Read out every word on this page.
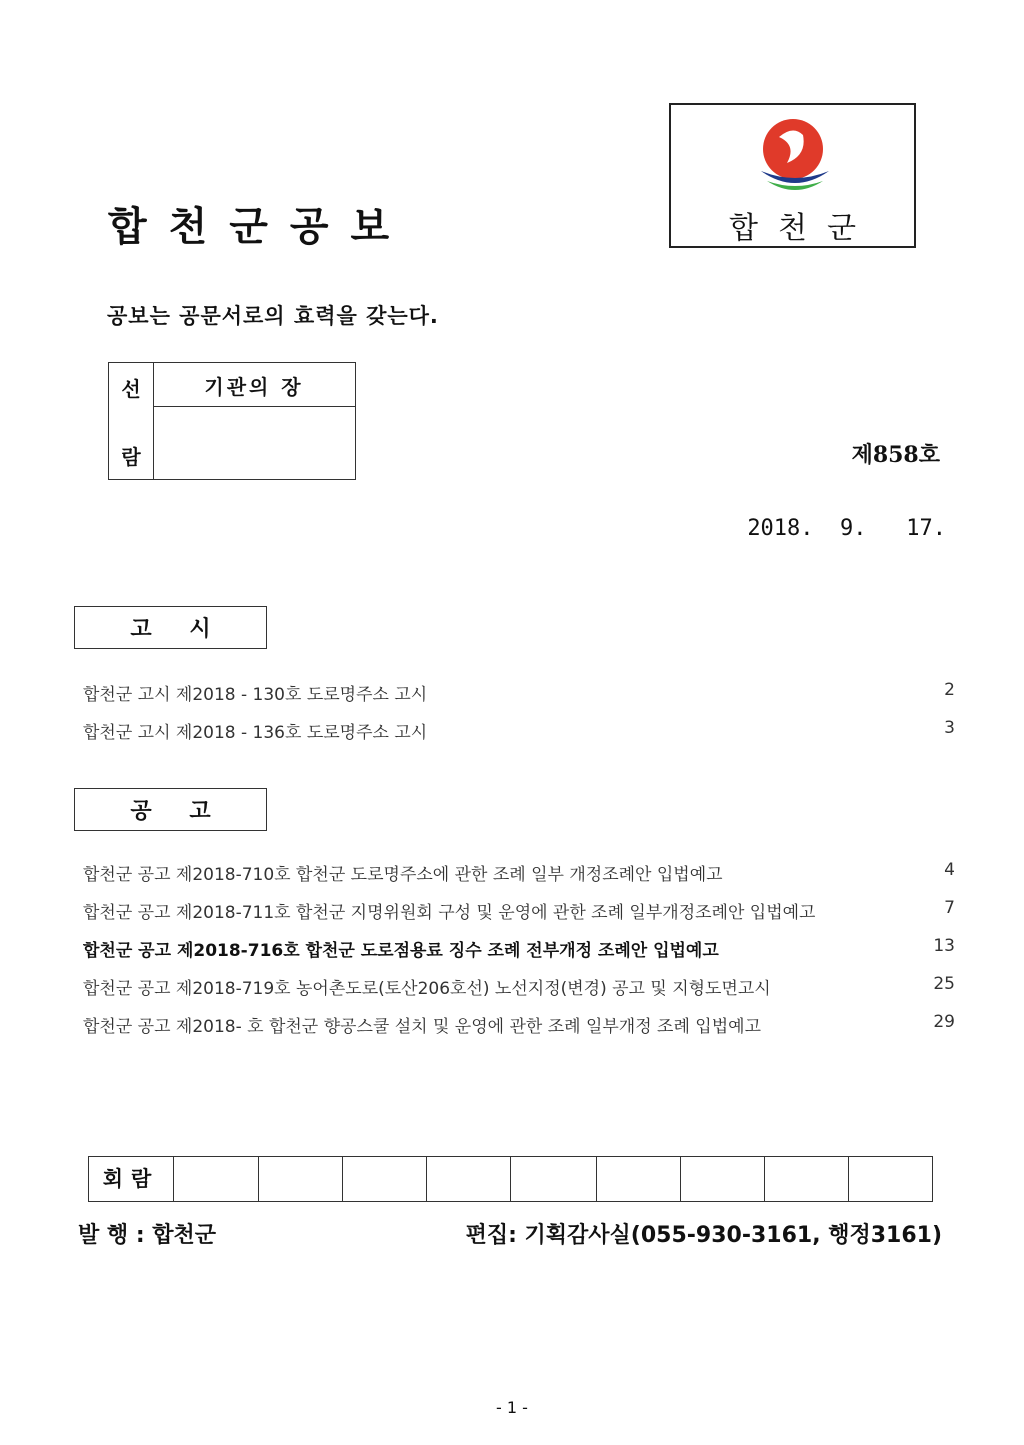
합천군공보	합천군
공보는 공문서로의 효력을 갖는다.
선
람
기관의 장
제858호
2018.  9.   17.
고 시
합천군 고시 제2018 - 130호 도로명주소 고시	2
합천군 고시 제2018 - 136호 도로명주소 고시	3
공 고
합천군 공고 제2018-710호 합천군 도로명주소에 관한 조례 일부 개정조례안 입법예고	4
합천군 공고 제2018-711호 합천군 지명위원회 구성 및 운영에 관한 조례 일부개정조례안 입법예고	7
합천군 공고 제2018-716호 합천군 도로점용료 징수 조례 전부개정 조례안 입법예고	13
합천군 공고 제2018-719호 농어촌도로(토산206호선) 노선지정(변경) 공고 및 지형도면고시	25
합천군 공고 제2018- 호 합천군 향공스쿨 설치 및 운영에 관한 조례 일부개정 조례 입법예고	29
회람
발 행 : 합천군	편집: 기획감사실(055-930-3161, 행정3161)
- 1 -
